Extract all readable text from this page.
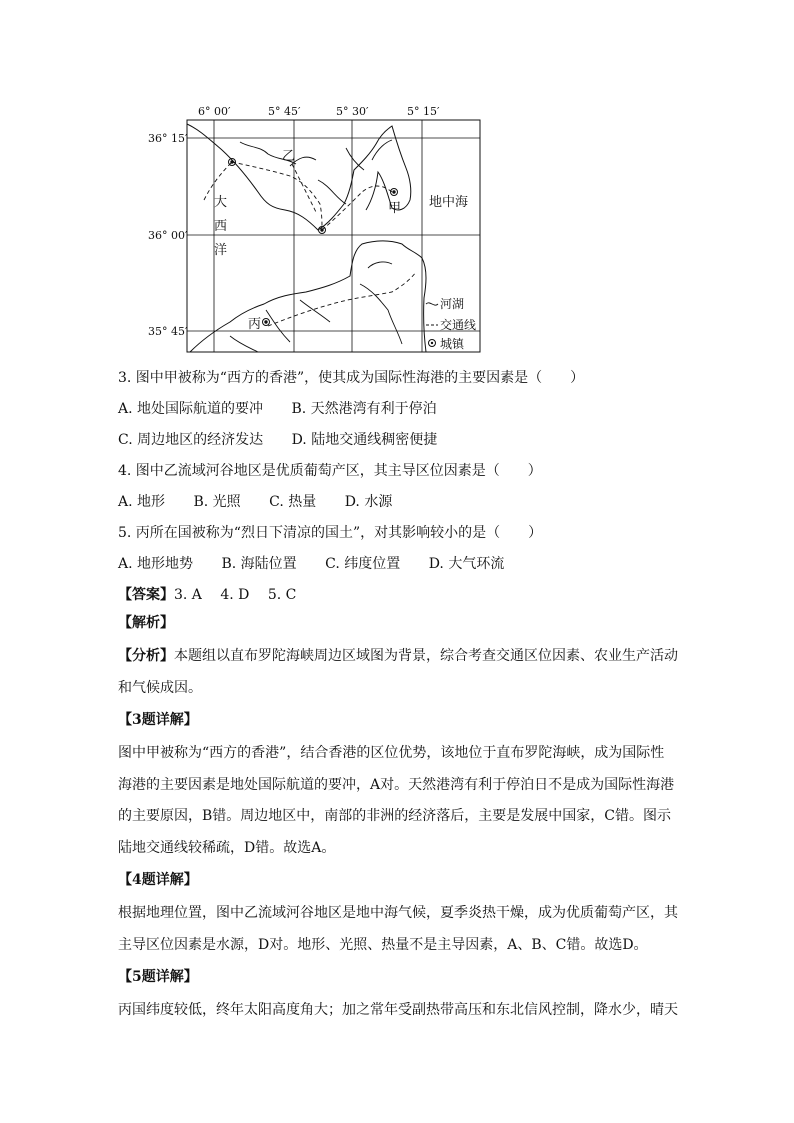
6° 00′	5° 45′	5° 30′	5° 15′
36° 15′
36° 00′
35° 45′
乙
甲
丙
大
西
洋
地中海
河湖
交通线
城镇
3. 图中甲被称为“西方的香港”，使其成为国际性海港的主要因素是（　　）
A. 地处国际航道的要冲 B. 天然港湾有利于停泊
C. 周边地区的经济发达 D. 陆地交通线稠密便捷
4. 图中乙流域河谷地区是优质葡萄产区，其主导区位因素是（　　）
A. 地形 B. 光照 C. 热量 D. 水源
5. 丙所在国被称为“烈日下清凉的国土”，对其影响较小的是（　　）
A. 地形地势 B. 海陆位置 C. 纬度位置 D. 大气环流
【答案】3. A　 4. D　 5. C
【解析】
【分析】本题组以直布罗陀海峡周边区域图为背景，综合考查交通区位因素、农业生产活动和气候成因。
【3题详解】
图中甲被称为“西方的香港”，结合香港的区位优势，该地位于直布罗陀海峡，成为国际性
海港的主要因素是地处国际航道的要冲，A对。天然港湾有利于停泊日不是成为国际性海港
的主要原因，B错。周边地区中，南部的非洲的经济落后，主要是发展中国家，C错。图示
陆地交通线较稀疏，D错。故选A。
【4题详解】
根据地理位置，图中乙流域河谷地区是地中海气候，夏季炎热干燥，成为优质葡萄产区，其
主导区位因素是水源，D对。地形、光照、热量不是主导因素，A、B、C错。故选D。
【5题详解】
丙国纬度较低，终年太阳高度角大；加之常年受副热带高压和东北信风控制，降水少，晴天
